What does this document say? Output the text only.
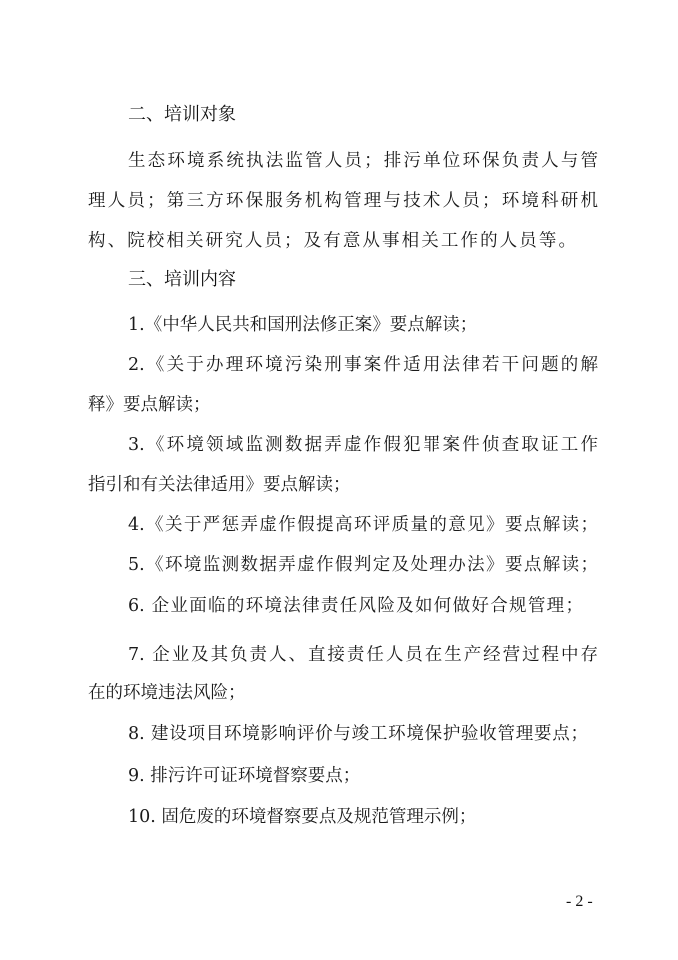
二、培训对象

生态环境系统执法监管人员；排污单位环保负责人与管

理人员；第三方环保服务机构管理与技术人员；环境科研机

构、院校相关研究人员；及有意从事相关工作的人员等。

三、培训内容

1.《中华人民共和国刑法修正案》要点解读；

2.《关于办理环境污染刑事案件适用法律若干问题的解

释》要点解读；

3.《环境领域监测数据弄虚作假犯罪案件侦查取证工作

指引和有关法律适用》要点解读；

4.《关于严惩弄虚作假提高环评质量的意见》要点解读；

5.《环境监测数据弄虚作假判定及处理办法》要点解读；

6. 企业面临的环境法律责任风险及如何做好合规管理；

7. 企业及其负责人、直接责任人员在生产经营过程中存

在的环境违法风险；

8. 建设项目环境影响评价与竣工环境保护验收管理要点；

9. 排污许可证环境督察要点；

10. 固危废的环境督察要点及规范管理示例；

- 2 -
